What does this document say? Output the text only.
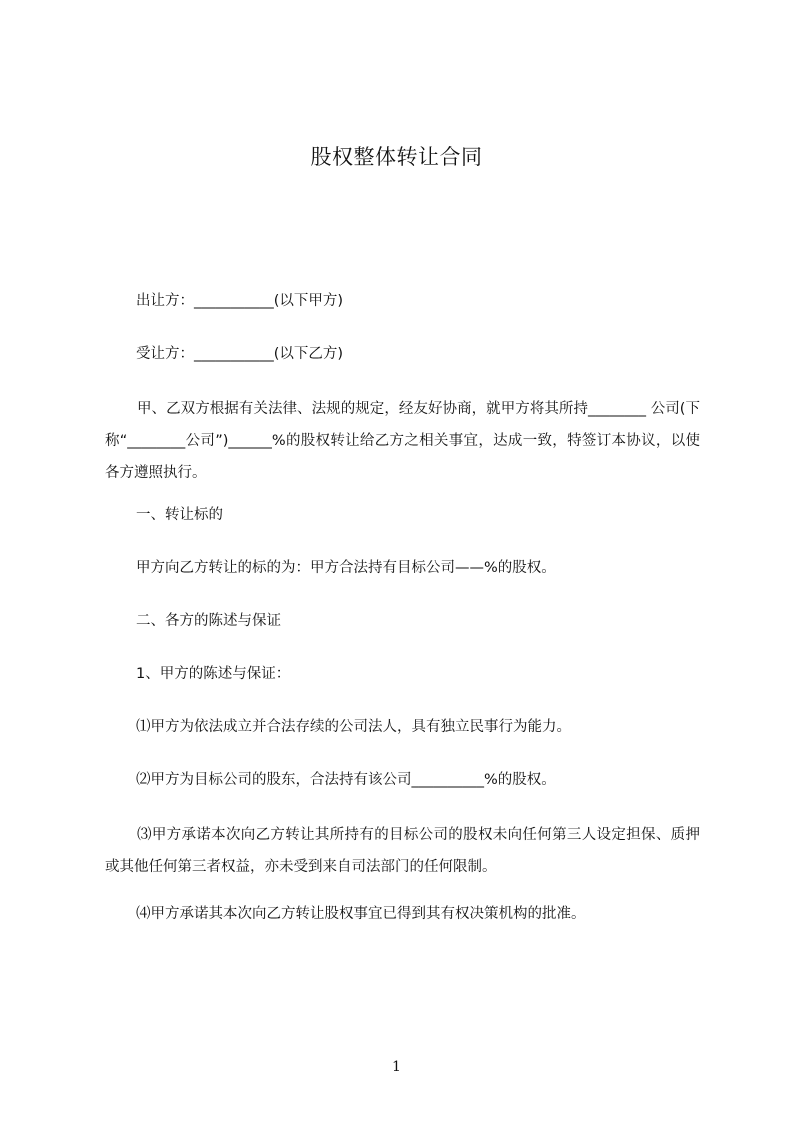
股权整体转让合同
出让方：___________(以下甲方)
受让方：___________(以下乙方)
甲、乙双方根据有关法律、法规的规定，经友好协商，就甲方将其所持________ 公司(下称“________公司”)______%的股权转让给乙方之相关事宜，达成一致，特签订本协议，以使各方遵照执行。
一、转让标的
甲方向乙方转让的标的为：甲方合法持有目标公司——%的股权。
二、各方的陈述与保证
1、甲方的陈述与保证：
⑴甲方为依法成立并合法存续的公司法人，具有独立民事行为能力。
⑵甲方为目标公司的股东，合法持有该公司__________%的股权。
⑶甲方承诺本次向乙方转让其所持有的目标公司的股权未向任何第三人设定担保、质押或其他任何第三者权益，亦未受到来自司法部门的任何限制。
⑷甲方承诺其本次向乙方转让股权事宜已得到其有权决策机构的批准。
1
